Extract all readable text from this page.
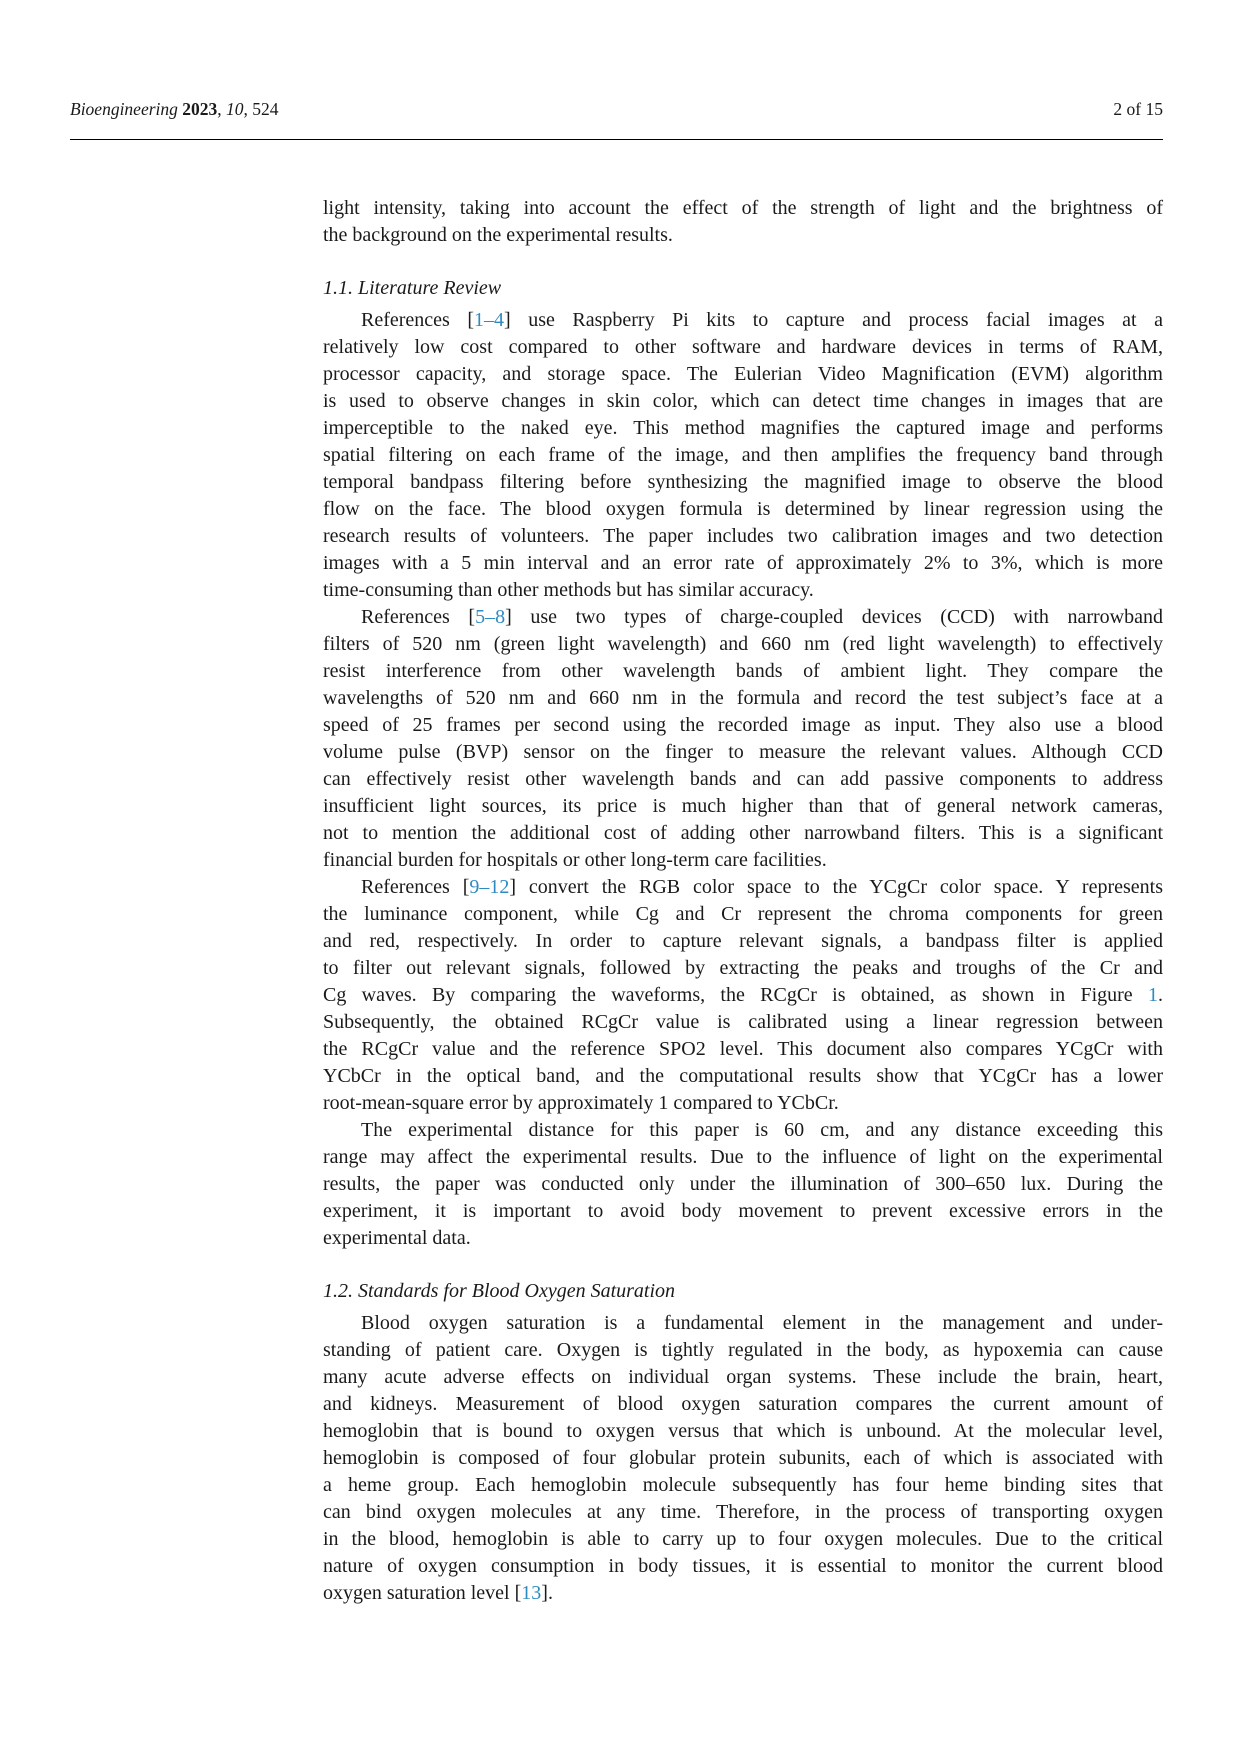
Bioengineering 2023, 10, 524	2 of 15
light intensity, taking into account the effect of the strength of light and the brightness of
the background on the experimental results.
1.1. Literature Review
References [1–4] use Raspberry Pi kits to capture and process facial images at a
relatively low cost compared to other software and hardware devices in terms of RAM,
processor capacity, and storage space. The Eulerian Video Magnification (EVM) algorithm
is used to observe changes in skin color, which can detect time changes in images that are
imperceptible to the naked eye. This method magnifies the captured image and performs
spatial filtering on each frame of the image, and then amplifies the frequency band through
temporal bandpass filtering before synthesizing the magnified image to observe the blood
flow on the face. The blood oxygen formula is determined by linear regression using the
research results of volunteers. The paper includes two calibration images and two detection
images with a 5 min interval and an error rate of approximately 2% to 3%, which is more
time-consuming than other methods but has similar accuracy.
References [5–8] use two types of charge-coupled devices (CCD) with narrowband
filters of 520 nm (green light wavelength) and 660 nm (red light wavelength) to effectively
resist interference from other wavelength bands of ambient light. They compare the
wavelengths of 520 nm and 660 nm in the formula and record the test subject’s face at a
speed of 25 frames per second using the recorded image as input. They also use a blood
volume pulse (BVP) sensor on the finger to measure the relevant values. Although CCD
can effectively resist other wavelength bands and can add passive components to address
insufficient light sources, its price is much higher than that of general network cameras,
not to mention the additional cost of adding other narrowband filters. This is a significant
financial burden for hospitals or other long-term care facilities.
References [9–12] convert the RGB color space to the YCgCr color space. Y represents
the luminance component, while Cg and Cr represent the chroma components for green
and red, respectively. In order to capture relevant signals, a bandpass filter is applied
to filter out relevant signals, followed by extracting the peaks and troughs of the Cr and
Cg waves. By comparing the waveforms, the RCgCr is obtained, as shown in Figure 1.
Subsequently, the obtained RCgCr value is calibrated using a linear regression between
the RCgCr value and the reference SPO2 level. This document also compares YCgCr with
YCbCr in the optical band, and the computational results show that YCgCr has a lower
root-mean-square error by approximately 1 compared to YCbCr.
The experimental distance for this paper is 60 cm, and any distance exceeding this
range may affect the experimental results. Due to the influence of light on the experimental
results, the paper was conducted only under the illumination of 300–650 lux. During the
experiment, it is important to avoid body movement to prevent excessive errors in the
experimental data.
1.2. Standards for Blood Oxygen Saturation
Blood oxygen saturation is a fundamental element in the management and under-
standing of patient care. Oxygen is tightly regulated in the body, as hypoxemia can cause
many acute adverse effects on individual organ systems. These include the brain, heart,
and kidneys. Measurement of blood oxygen saturation compares the current amount of
hemoglobin that is bound to oxygen versus that which is unbound. At the molecular level,
hemoglobin is composed of four globular protein subunits, each of which is associated with
a heme group. Each hemoglobin molecule subsequently has four heme binding sites that
can bind oxygen molecules at any time. Therefore, in the process of transporting oxygen
in the blood, hemoglobin is able to carry up to four oxygen molecules. Due to the critical
nature of oxygen consumption in body tissues, it is essential to monitor the current blood
oxygen saturation level [13].
